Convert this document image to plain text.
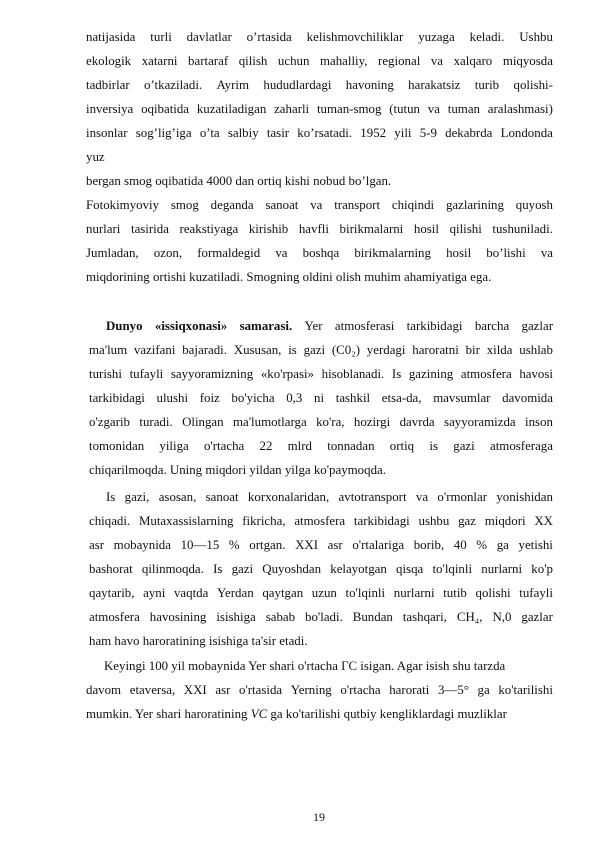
natijasida turli davlatlar o’rtasida kelishmovchiliklar yuzaga keladi. Ushbu
ekologik xatarni bartaraf qilish uchun mahalliy, regional va xalqaro miqyosda
tadbirlar o’tkaziladi. Ayrim hududlardagi havoning harakatsiz turib qolishi-
inversiya oqibatida kuzatiladigan zaharli tuman-smog (tutun va tuman aralashmasi)
insonlar sog’lig’iga o’ta salbiy tasir ko’rsatadi. 1952 yili 5-9 dekabrda Londonda
yuz
bergan smog oqibatida 4000 dan ortiq kishi nobud bo’lgan.
Fotokimyoviy smog deganda sanoat va transport chiqindi gazlarining quyosh
nurlari tasirida reakstiyaga kirishib havfli birikmalarni hosil qilishi tushuniladi.
Jumladan, ozon, formaldegid va boshqa birikmalarning hosil bo’lishi va
miqdorining ortishi kuzatiladi. Smogning oldini olish muhim ahamiyatiga ega.
Dunyo «issiqxonasi» samarasi. Yer atmosferasi tarkibidagi barcha gazlar
ma'lum vazifani bajaradi. Xususan, is gazi (C0₂) yerdagi haroratni bir xilda ushlab
turishi tufayli sayyoramizning «ko'rpasi» hisoblanadi. Is gazining atmosfera havosi
tarkibidagi ulushi foiz bo'yicha 0,3 ni tashkil etsa-da, mavsumlar davomida
o'zgarib turadi. Olingan ma'lumotlarga ko'ra, hozirgi davrda sayyoramizda inson
tomonidan yiliga o'rtacha 22 mlrd tonnadan ortiq is gazi atmosferaga
chiqarilmoqda. Uning miqdori yildan yilga ko'paymoqda.
Is gazi, asosan, sanoat korxonalaridan, avtotransport va o'rmonlar yonishidan
chiqadi. Mutaxassislarning fikricha, atmosfera tarkibidagi ushbu gaz miqdori XX
asr mobaynida 10—15 % ortgan. XXI asr o'rtalariga borib, 40 % ga yetishi
bashorat qilinmoqda. Is gazi Quyoshdan kelayotgan qisqa to'lqinli nurlarni ko'p
qaytarib, ayni vaqtda Yerdan qaytgan uzun to'lqinli nurlarni tutib qolishi tufayli
atmosfera havosining isishiga sabab bo'ladi. Bundan tashqari, CH₄, N,0 gazlar
ham havo haroratining isishiga ta'sir etadi.
Keyingi 100 yil mobaynida Yer shari o'rtacha ГС isigan. Agar isish shu tarzda
davom etaversa, XXI asr o'rtasida Yerning o'rtacha harorati 3—5° ga ko'tarilishi
mumkin. Yer shari haroratining VC ga ko'tarilishi qutbiy kengliklardagi muzliklar
19
